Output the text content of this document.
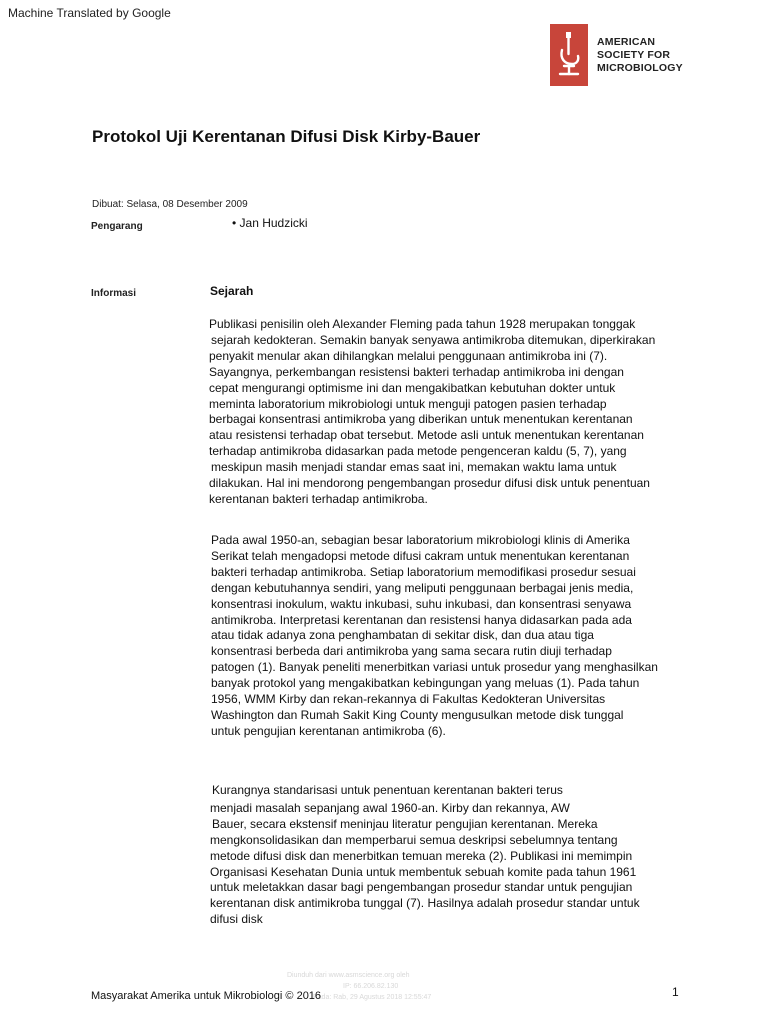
Machine Translated by Google
AMERICAN
SOCIETY FOR
MICROBIOLOGY
Protokol Uji Kerentanan Difusi Disk Kirby-Bauer
Dibuat: Selasa, 08 Desember 2009
Pengarang	• Jan Hudzicki
Informasi	Sejarah
Publikasi penisilin oleh Alexander Fleming pada tahun 1928 merupakan tonggak
sejarah kedokteran. Semakin banyak senyawa antimikroba ditemukan, diperkirakan
penyakit menular akan dihilangkan melalui penggunaan antimikroba ini (7).
Sayangnya, perkembangan resistensi bakteri terhadap antimikroba ini dengan
cepat mengurangi optimisme ini dan mengakibatkan kebutuhan dokter untuk
meminta laboratorium mikrobiologi untuk menguji patogen pasien terhadap
berbagai konsentrasi antimikroba yang diberikan untuk menentukan kerentanan
atau resistensi terhadap obat tersebut. Metode asli untuk menentukan kerentanan
terhadap antimikroba didasarkan pada metode pengenceran kaldu (5, 7), yang
meskipun masih menjadi standar emas saat ini, memakan waktu lama untuk
dilakukan. Hal ini mendorong pengembangan prosedur difusi disk untuk penentuan
kerentanan bakteri terhadap antimikroba.
Pada awal 1950-an, sebagian besar laboratorium mikrobiologi klinis di Amerika
Serikat telah mengadopsi metode difusi cakram untuk menentukan kerentanan
bakteri terhadap antimikroba. Setiap laboratorium memodifikasi prosedur sesuai
dengan kebutuhannya sendiri, yang meliputi penggunaan berbagai jenis media,
konsentrasi inokulum, waktu inkubasi, suhu inkubasi, dan konsentrasi senyawa
antimikroba. Interpretasi kerentanan dan resistensi hanya didasarkan pada ada
atau tidak adanya zona penghambatan di sekitar disk, dan dua atau tiga
konsentrasi berbeda dari antimikroba yang sama secara rutin diuji terhadap
patogen (1). Banyak peneliti menerbitkan variasi untuk prosedur yang menghasilkan
banyak protokol yang mengakibatkan kebingungan yang meluas (1). Pada tahun
1956, WMM Kirby dan rekan-rekannya di Fakultas Kedokteran Universitas
Washington dan Rumah Sakit King County mengusulkan metode disk tunggal
untuk pengujian kerentanan antimikroba (6).
Kurangnya standarisasi untuk penentuan kerentanan bakteri terus
menjadi masalah sepanjang awal 1960-an. Kirby dan rekannya, AW
Bauer, secara ekstensif meninjau literatur pengujian kerentanan. Mereka
mengkonsolidasikan dan memperbarui semua deskripsi sebelumnya tentang
metode difusi disk dan menerbitkan temuan mereka (2). Publikasi ini memimpin
Organisasi Kesehatan Dunia untuk membentuk sebuah komite pada tahun 1961
untuk meletakkan dasar bagi pengembangan prosedur standar untuk pengujian
kerentanan disk antimikroba tunggal (7). Hasilnya adalah prosedur standar untuk
difusi disk
Diunduh dari www.asmscience.org oleh
IP: 66.206.82.130
Pada: Rab, 29 Agustus 2018 12:55:47
Masyarakat Amerika untuk Mikrobiologi © 2016	1
